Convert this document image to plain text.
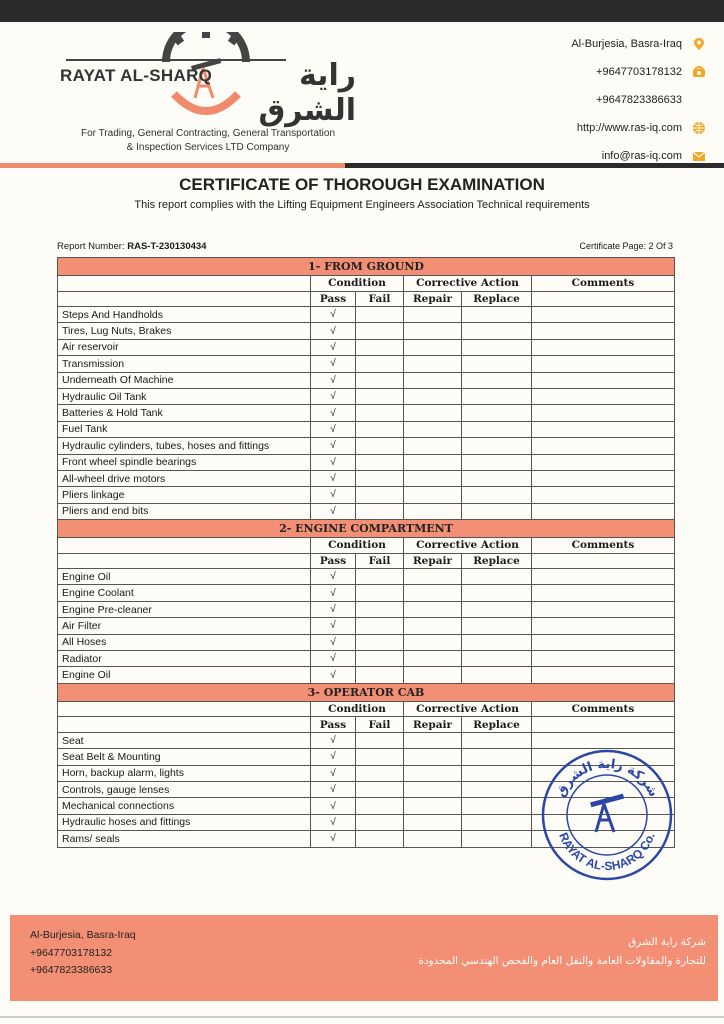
RAYAT AL-SHARQ	راية الشرق
For Trading, General Contracting, General Transportation
& Inspection Services LTD Company
Al-Burjesia, Basra-Iraq
+9647703178132
+9647823386633
http://www.ras-iq.com
info@ras-iq.com
CERTIFICATE OF THOROUGH EXAMINATION
This report complies with the Lifting Equipment Engineers Association Technical requirements
Report Number: RAS-T-230130434	Certificate Page: 2 Of 3
1- FROM GROUND					
	Condition		Corrective Action		Comments
	Pass	Fail	Repair	Replace	
Steps And Handholds	√				
Tires, Lug Nuts, Brakes	√				
Air reservoir	√				
Transmission	√				
Underneath Of Machine	√				
Hydraulic Oil Tank	√				
Batteries & Hold Tank	√				
Fuel Tank	√				
Hydraulic cylinders, tubes, hoses and fittings	√				
Front wheel spindle bearings	√				
All-wheel drive motors	√				
Pliers linkage	√				
Pliers and end bits	√				
2- ENGINE COMPARTMENT					
	Condition		Corrective Action		Comments
	Pass	Fail	Repair	Replace	
Engine Oil	√				
Engine Coolant	√				
Engine Pre-cleaner	√				
Air Filter	√				
All Hoses	√				
Radiator	√				
Engine Oil	√				
3- OPERATOR CAB					
	Condition		Corrective Action		Comments
	Pass	Fail	Repair	Replace	
Seat	√				
Seat Belt & Mounting	√				
Horn, backup alarm, lights	√				
Controls, gauge lenses	√				
Mechanical connections	√				
Hydraulic hoses and fittings	√				
Rams/ seals	√				
شركة راية الشرق
RAYAT AL-SHARQ Co.
Al-Burjesia, Basra-Iraq
+9647703178132
+9647823386633
شركة راية الشرق
للتجارة والمقاولات العامة والنقل العام والفحص الهندسي المحدودة
